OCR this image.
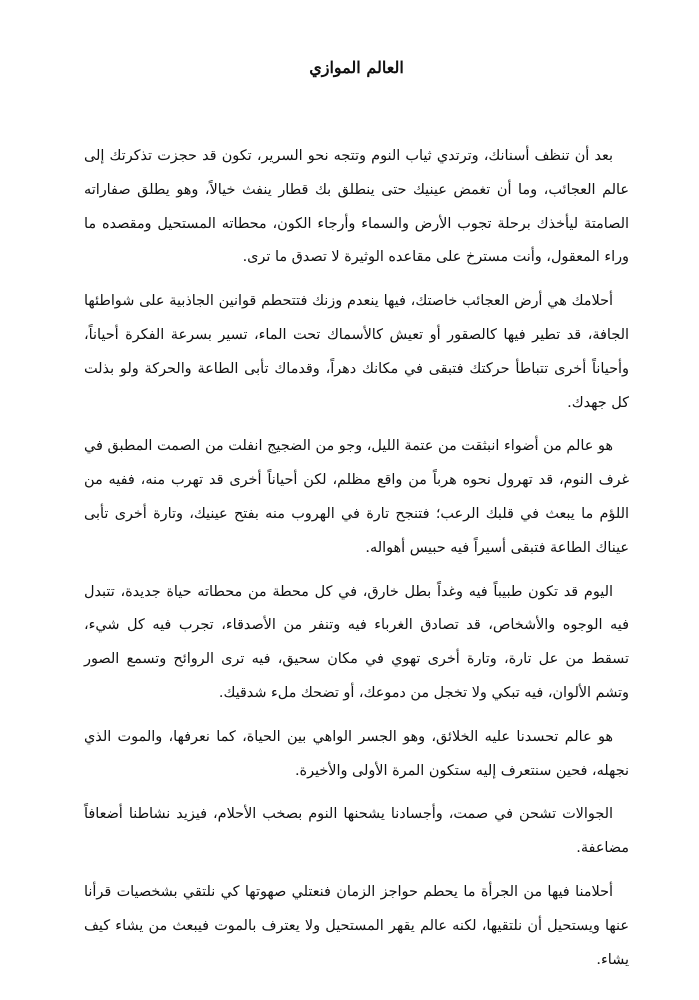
العالم الموازي

بعد أن تنظف أسنانك، وترتدي ثياب النوم وتتجه نحو السرير، تكون قد حجزت تذكرتك إلى عالم العجائب، وما أن تغمض عينيك حتى ينطلق بك قطار ينفث خيالاً، وهو يطلق صفاراته الصامتة ليأخذك برحلة تجوب الأرض والسماء وأرجاء الكون، محطاته المستحيل ومقصده ما وراء المعقول، وأنت مسترخ على مقاعده الوثيرة لا تصدق ما ترى.

أحلامك هي أرض العجائب خاصتك، فيها ينعدم وزنك فتتحطم قوانين الجاذبية على شواطئها الجافة، قد تطير فيها كالصقور أو تعيش كالأسماك تحت الماء، تسير بسرعة الفكرة أحياناً، وأحياناً أخرى تتباطأ حركتك فتبقى في مكانك دهراً، وقدماك تأبى الطاعة والحركة ولو بذلت كل جهدك.

هو عالم من أضواء انبثقت من عتمة الليل، وجو من الضجيج انفلت من الصمت المطبق في غرف النوم، قد تهرول نحوه هرباً من واقع مظلم، لكن أحياناً أخرى قد تهرب منه، ففيه من اللؤم ما يبعث في قلبك الرعب؛ فتنجح تارة في الهروب منه بفتح عينيك، وتارة أخرى تأبى عيناك الطاعة فتبقى أسيراً فيه حبيس أهواله.

اليوم قد تكون طبيباً فيه وغداً بطل خارق، في كل محطة من محطاته حياة جديدة، تتبدل فيه الوجوه والأشخاص، قد تصادق الغرباء فيه وتنفر من الأصدقاء، تجرب فيه كل شيء، تسقط من عل تارة، وتارة أخرى تهوي في مكان سحيق، فيه ترى الروائح وتسمع الصور وتشم الألوان، فيه تبكي ولا تخجل من دموعك، أو تضحك ملء شدقيك.

هو عالم تحسدنا عليه الخلائق، وهو الجسر الواهي بين الحياة، كما نعرفها، والموت الذي نجهله، فحين سنتعرف إليه ستكون المرة الأولى والأخيرة.

الجوالات تشحن في صمت، وأجسادنا يشحنها النوم بصخب الأحلام، فيزيد نشاطنا أضعافاً مضاعفة.

أحلامنا فيها من الجرأة ما يحطم حواجز الزمان فنعتلي صهوتها كي نلتقي بشخصيات قرأنا عنها ويستحيل أن نلتقيها، لكنه عالم يقهر المستحيل ولا يعترف بالموت فيبعث من يشاء كيف يشاء.
